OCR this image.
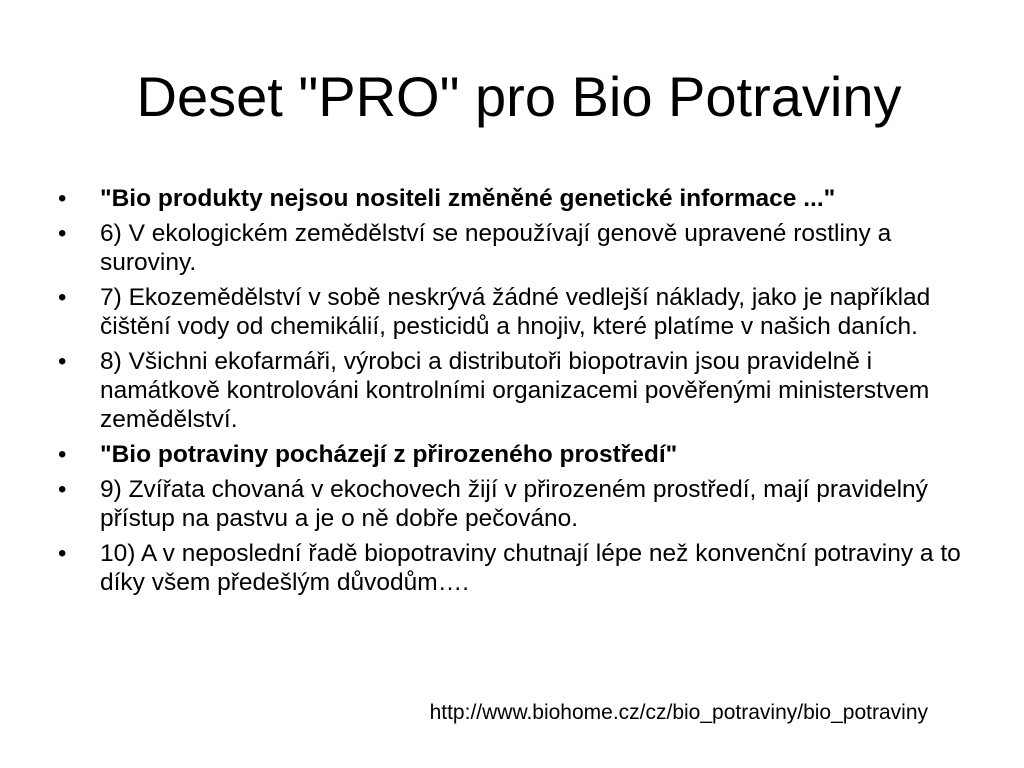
Deset "PRO" pro Bio Potraviny
•	"Bio produkty nejsou nositeli změněné genetické informace ..."
•	6) V ekologickém zemědělství se nepoužívají genově upravené rostliny a suroviny.
•	7) Ekozemědělství v sobě neskrývá žádné vedlejší náklady, jako je například čištění vody od chemikálií, pesticidů a hnojiv, které platíme v našich daních.
•	8) Všichni ekofarmáři, výrobci a distributoři biopotravin jsou pravidelně i namátkově kontrolováni kontrolními organizacemi pověřenými ministerstvem zemědělství.
•	"Bio potraviny pocházejí z přirozeného prostředí"
•	9) Zvířata chovaná v ekochovech žijí v přirozeném prostředí, mají pravidelný přístup na pastvu a je o ně dobře pečováno.
•	10) A v neposlední řadě biopotraviny chutnají lépe než konvenční potraviny a to díky všem předešlým důvodům….
http://www.biohome.cz/cz/bio_potraviny/bio_potraviny
